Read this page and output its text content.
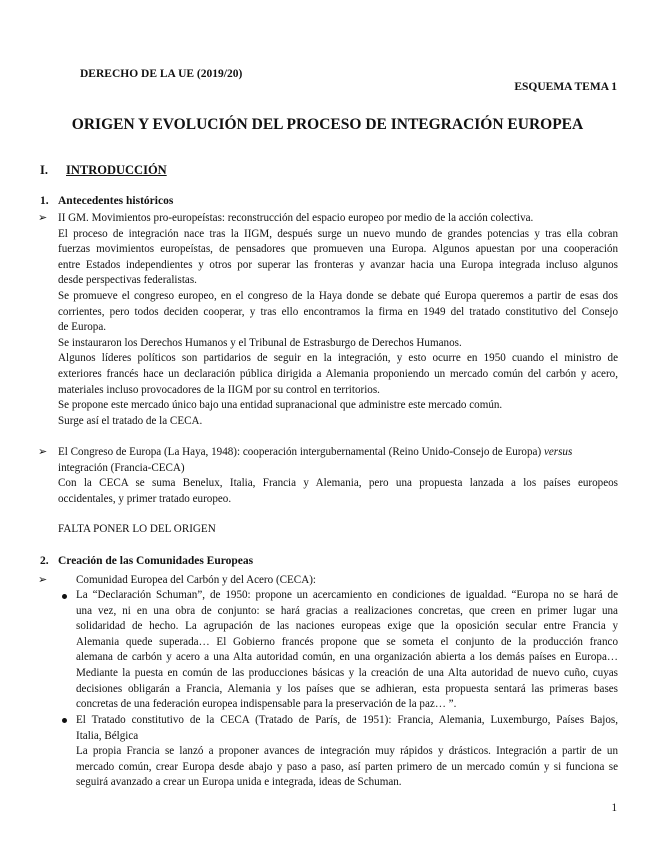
DERECHO DE LA UE (2019/20)
ESQUEMA TEMA 1
ORIGEN Y EVOLUCIÓN DEL PROCESO DE INTEGRACIÓN EUROPEA
I. INTRODUCCIÓN
1. Antecedentes históricos
➢ II GM. Movimientos pro-europeístas: reconstrucción del espacio europeo por medio de la acción colectiva.
El proceso de integración nace tras la IIGM, después surge un nuevo mundo de grandes potencias y tras ella cobran
fuerzas movimientos europeístas, de pensadores que promueven una Europa. Algunos apuestan por una cooperación
entre Estados independientes y otros por superar las fronteras y avanzar hacia una Europa integrada incluso algunos
desde perspectivas federalistas.
Se promueve el congreso europeo, en el congreso de la Haya donde se debate qué Europa queremos a partir de esas dos
corrientes, pero todos deciden cooperar, y tras ello encontramos la firma en 1949 del tratado constitutivo del Consejo
de Europa.
Se instauraron los Derechos Humanos y el Tribunal de Estrasburgo de Derechos Humanos.
Algunos líderes políticos son partidarios de seguir en la integración, y esto ocurre en 1950 cuando el ministro de
exteriores francés hace un declaración pública dirigida a Alemania proponiendo un mercado común del carbón y acero,
materiales incluso provocadores de la IIGM por su control en territorios.
Se propone este mercado único bajo una entidad supranacional que administre este mercado común.
Surge así el tratado de la CECA.
➢ El Congreso de Europa (La Haya, 1948): cooperación intergubernamental (Reino Unido-Consejo de Europa) versus
integración (Francia-CECA)
Con la CECA se suma Benelux, Italia, Francia y Alemania, pero una propuesta lanzada a los países europeos
occidentales, y primer tratado europeo.
FALTA PONER LO DEL ORIGEN
2. Creación de las Comunidades Europeas
➢	Comunidad Europea del Carbón y del Acero (CECA):
La “Declaración Schuman”, de 1950: propone un acercamiento en condiciones de igualdad. “Europa no se hará de
una vez, ni en una obra de conjunto: se hará gracias a realizaciones concretas, que creen en primer lugar una
solidaridad de hecho. La agrupación de las naciones europeas exige que la oposición secular entre Francia y
Alemania quede superada… El Gobierno francés propone que se someta el conjunto de la producción franco
alemana de carbón y acero a una Alta autoridad común, en una organización abierta a los demás países en Europa…
Mediante la puesta en común de las producciones básicas y la creación de una Alta autoridad de nuevo cuño, cuyas
decisiones obligarán a Francia, Alemania y los países que se adhieran, esta propuesta sentará las primeras bases
concretas de una federación europea indispensable para la preservación de la paz… ”.
El Tratado constitutivo de la CECA (Tratado de París, de 1951): Francia, Alemania, Luxemburgo, Países Bajos,
Italia, Bélgica
La propia Francia se lanzó a proponer avances de integración muy rápidos y drásticos. Integración a partir de un
mercado común, crear Europa desde abajo y paso a paso, así parten primero de un mercado común y si funciona se
seguirá avanzado a crear un Europa unida e integrada, ideas de Schuman.
1
